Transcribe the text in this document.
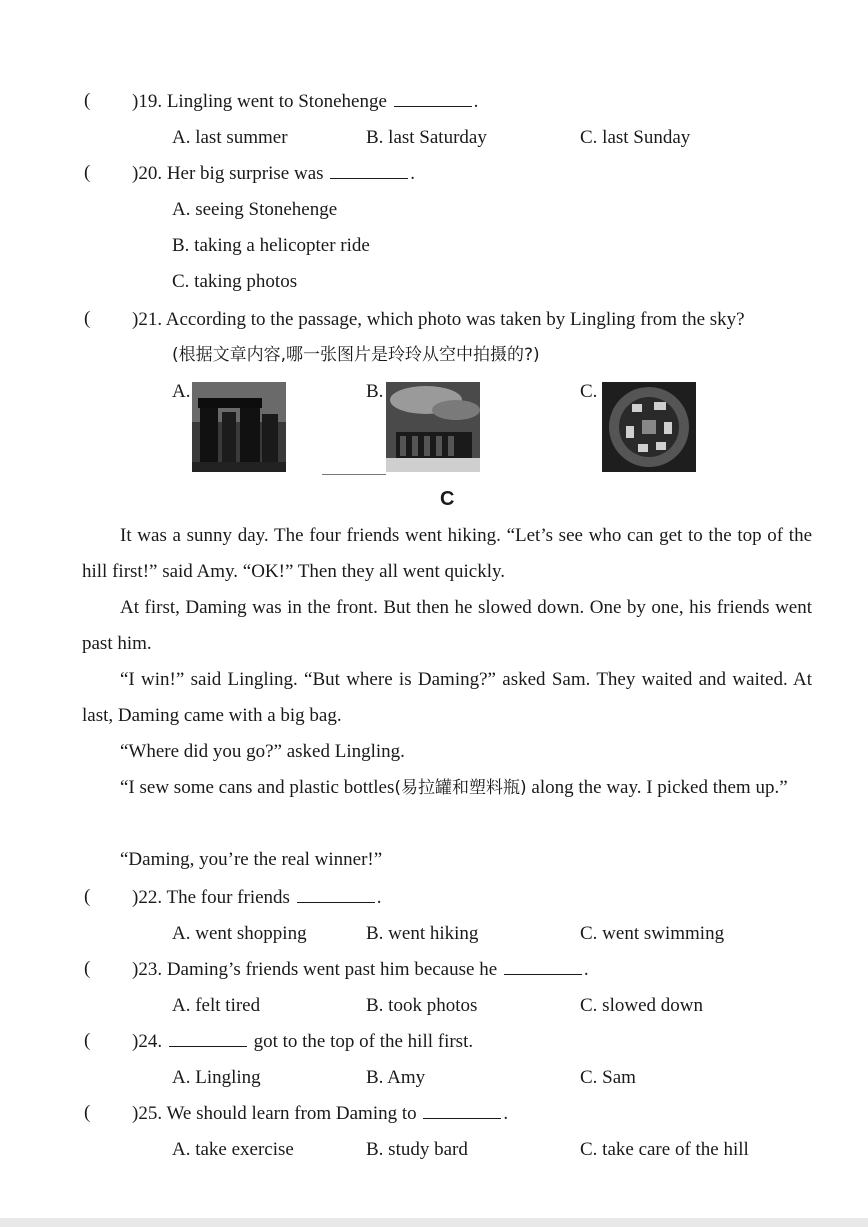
( )19. Lingling went to Stonehenge	.
A. last summer	B. last Saturday	C. last Sunday
( )20. Her big surprise was	.
A. seeing Stonehenge
B. taking a helicopter ride
C. taking photos
( )21. According to the passage, which photo was taken by Lingling from the sky?
(根据文章内容,哪一张图片是玲玲从空中拍摄的?)
A.	B.	C.
C
It was a sunny day. The four friends went hiking. “Let’s see who can get to the top of the hill first!” said Amy. “OK!” Then they all went quickly.
At first, Daming was in the front. But then he slowed down. One by one, his friends went past him.
“I win!” said Lingling. “But where is Daming?” asked Sam. They waited and waited. At last, Daming came with a big bag.
“Where did you go?” asked Lingling.
“I sew some cans and plastic bottles(易拉罐和塑料瓶) along the way. I picked them up.”
“Daming, you’re the real winner!”
( )22. The four friends	.
A. went shopping	B. went hiking	C. went swimming
( )23. Daming’s friends went past him because he	.
A. felt tired	B. took photos	C. slowed down
( )24.	got to the top of the hill first.
A. Lingling	B. Amy	C. Sam
( )25. We should learn from Daming to	.
A. take exercise	B. study bard	C. take care of the hill
